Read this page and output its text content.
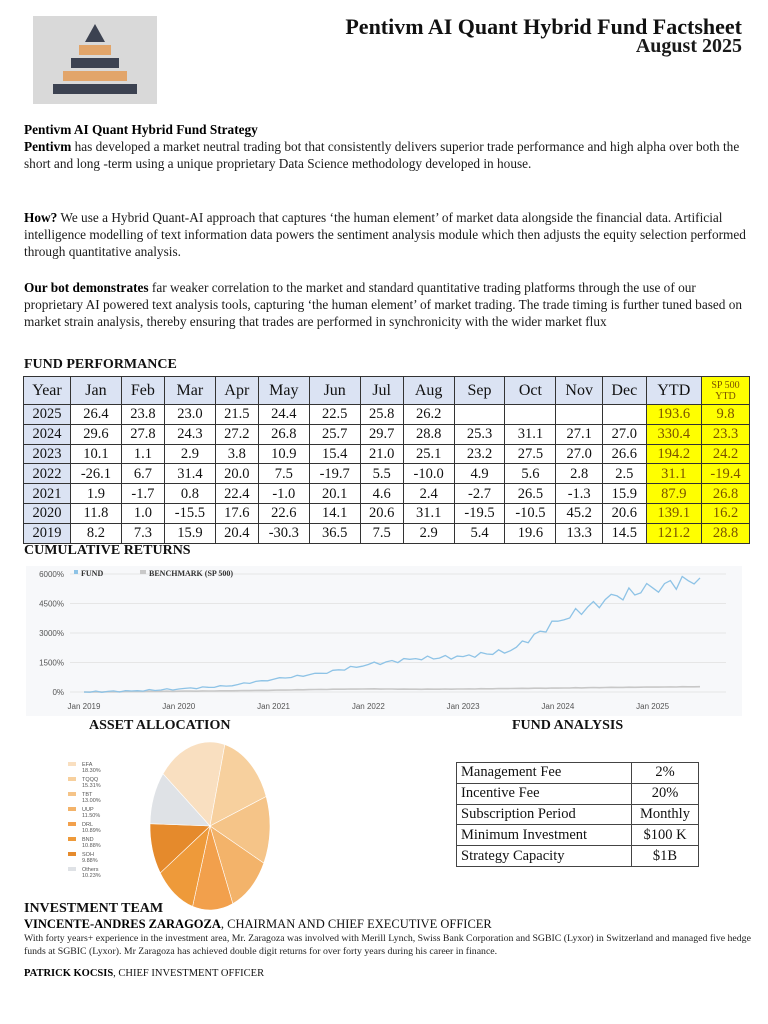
Pentivm AI Quant Hybrid Fund Factsheet
August 2025
Pentivm AI Quant Hybrid Fund Strategy
Pentivm has developed a market neutral trading bot that consistently delivers superior trade performance and high alpha over both the short and long -term using a unique proprietary Data Science methodology developed in house.
How? We use a Hybrid Quant-AI approach that captures ‘the human element’ of market data alongside the financial data. Artificial intelligence modelling of text information data powers the sentiment analysis module which then adjusts the equity selection performed through quantitative analysis.
Our bot demonstrates far weaker correlation to the market and standard quantitative trading platforms through the use of our proprietary AI powered text analysis tools, capturing ‘the human element’ of market trading. The trade timing is further tuned based on market strain analysis, thereby ensuring that trades are performed in synchronicity with the wider market flux
FUND PERFORMANCE
Year	Jan	Feb	Mar	Apr	May	Jun	Jul	Aug	Sep	Oct	Nov	Dec	YTD	SP 500
YTD
2025	26.4	23.8	23.0	21.5	24.4	22.5	25.8	26.2					193.6	9.8
2024	29.6	27.8	24.3	27.2	26.8	25.7	29.7	28.8	25.3	31.1	27.1	27.0	330.4	23.3
2023	10.1	1.1	2.9	3.8	10.9	15.4	21.0	25.1	23.2	27.5	27.0	26.6	194.2	24.2
2022	-26.1	6.7	31.4	20.0	7.5	-19.7	5.5	-10.0	4.9	5.6	2.8	2.5	31.1	-19.4
2021	1.9	-1.7	0.8	22.4	-1.0	20.1	4.6	2.4	-2.7	26.5	-1.3	15.9	87.9	26.8
2020	11.8	1.0	-15.5	17.6	22.6	14.1	20.6	31.1	-19.5	-10.5	45.2	20.6	139.1	16.2
2019	8.2	7.3	15.9	20.4	-30.3	36.5	7.5	2.9	5.4	19.6	13.3	14.5	121.2	28.8
CUMULATIVE RETURNS
0%
1500%
3000%
4500%
6000%
Jan 2019	Jan 2020	Jan 2021	Jan 2022	Jan 2023	Jan 2024	Jan 2025
FUND	BENCHMARK (SP 500)
ASSET ALLOCATION
EFA
18.30%
TQQQ
15.31%
TBT
13.00%
UUP
11.50%
DRL
10.89%
BND
10.88%
SOH
9.88%
Others
10.23%
FUND ANALYSIS
Management Fee	2%
Incentive Fee	20%
Subscription Period	Monthly
Minimum Investment	$100 K
Strategy Capacity	$1B
INVESTMENT TEAM
VINCENTE-ANDRES ZARAGOZA, CHAIRMAN AND CHIEF EXECUTIVE OFFICER
With forty years+ experience in the investment area, Mr. Zaragoza was involved with Merill Lynch, Swiss Bank Corporation and SGBIC (Lyxor) in Switzerland and managed five hedge funds at SGBIC (Lyxor). Mr Zaragoza has achieved double digit returns for over forty years during his career in finance.
PATRICK KOCSIS, CHIEF INVESTMENT OFFICER
